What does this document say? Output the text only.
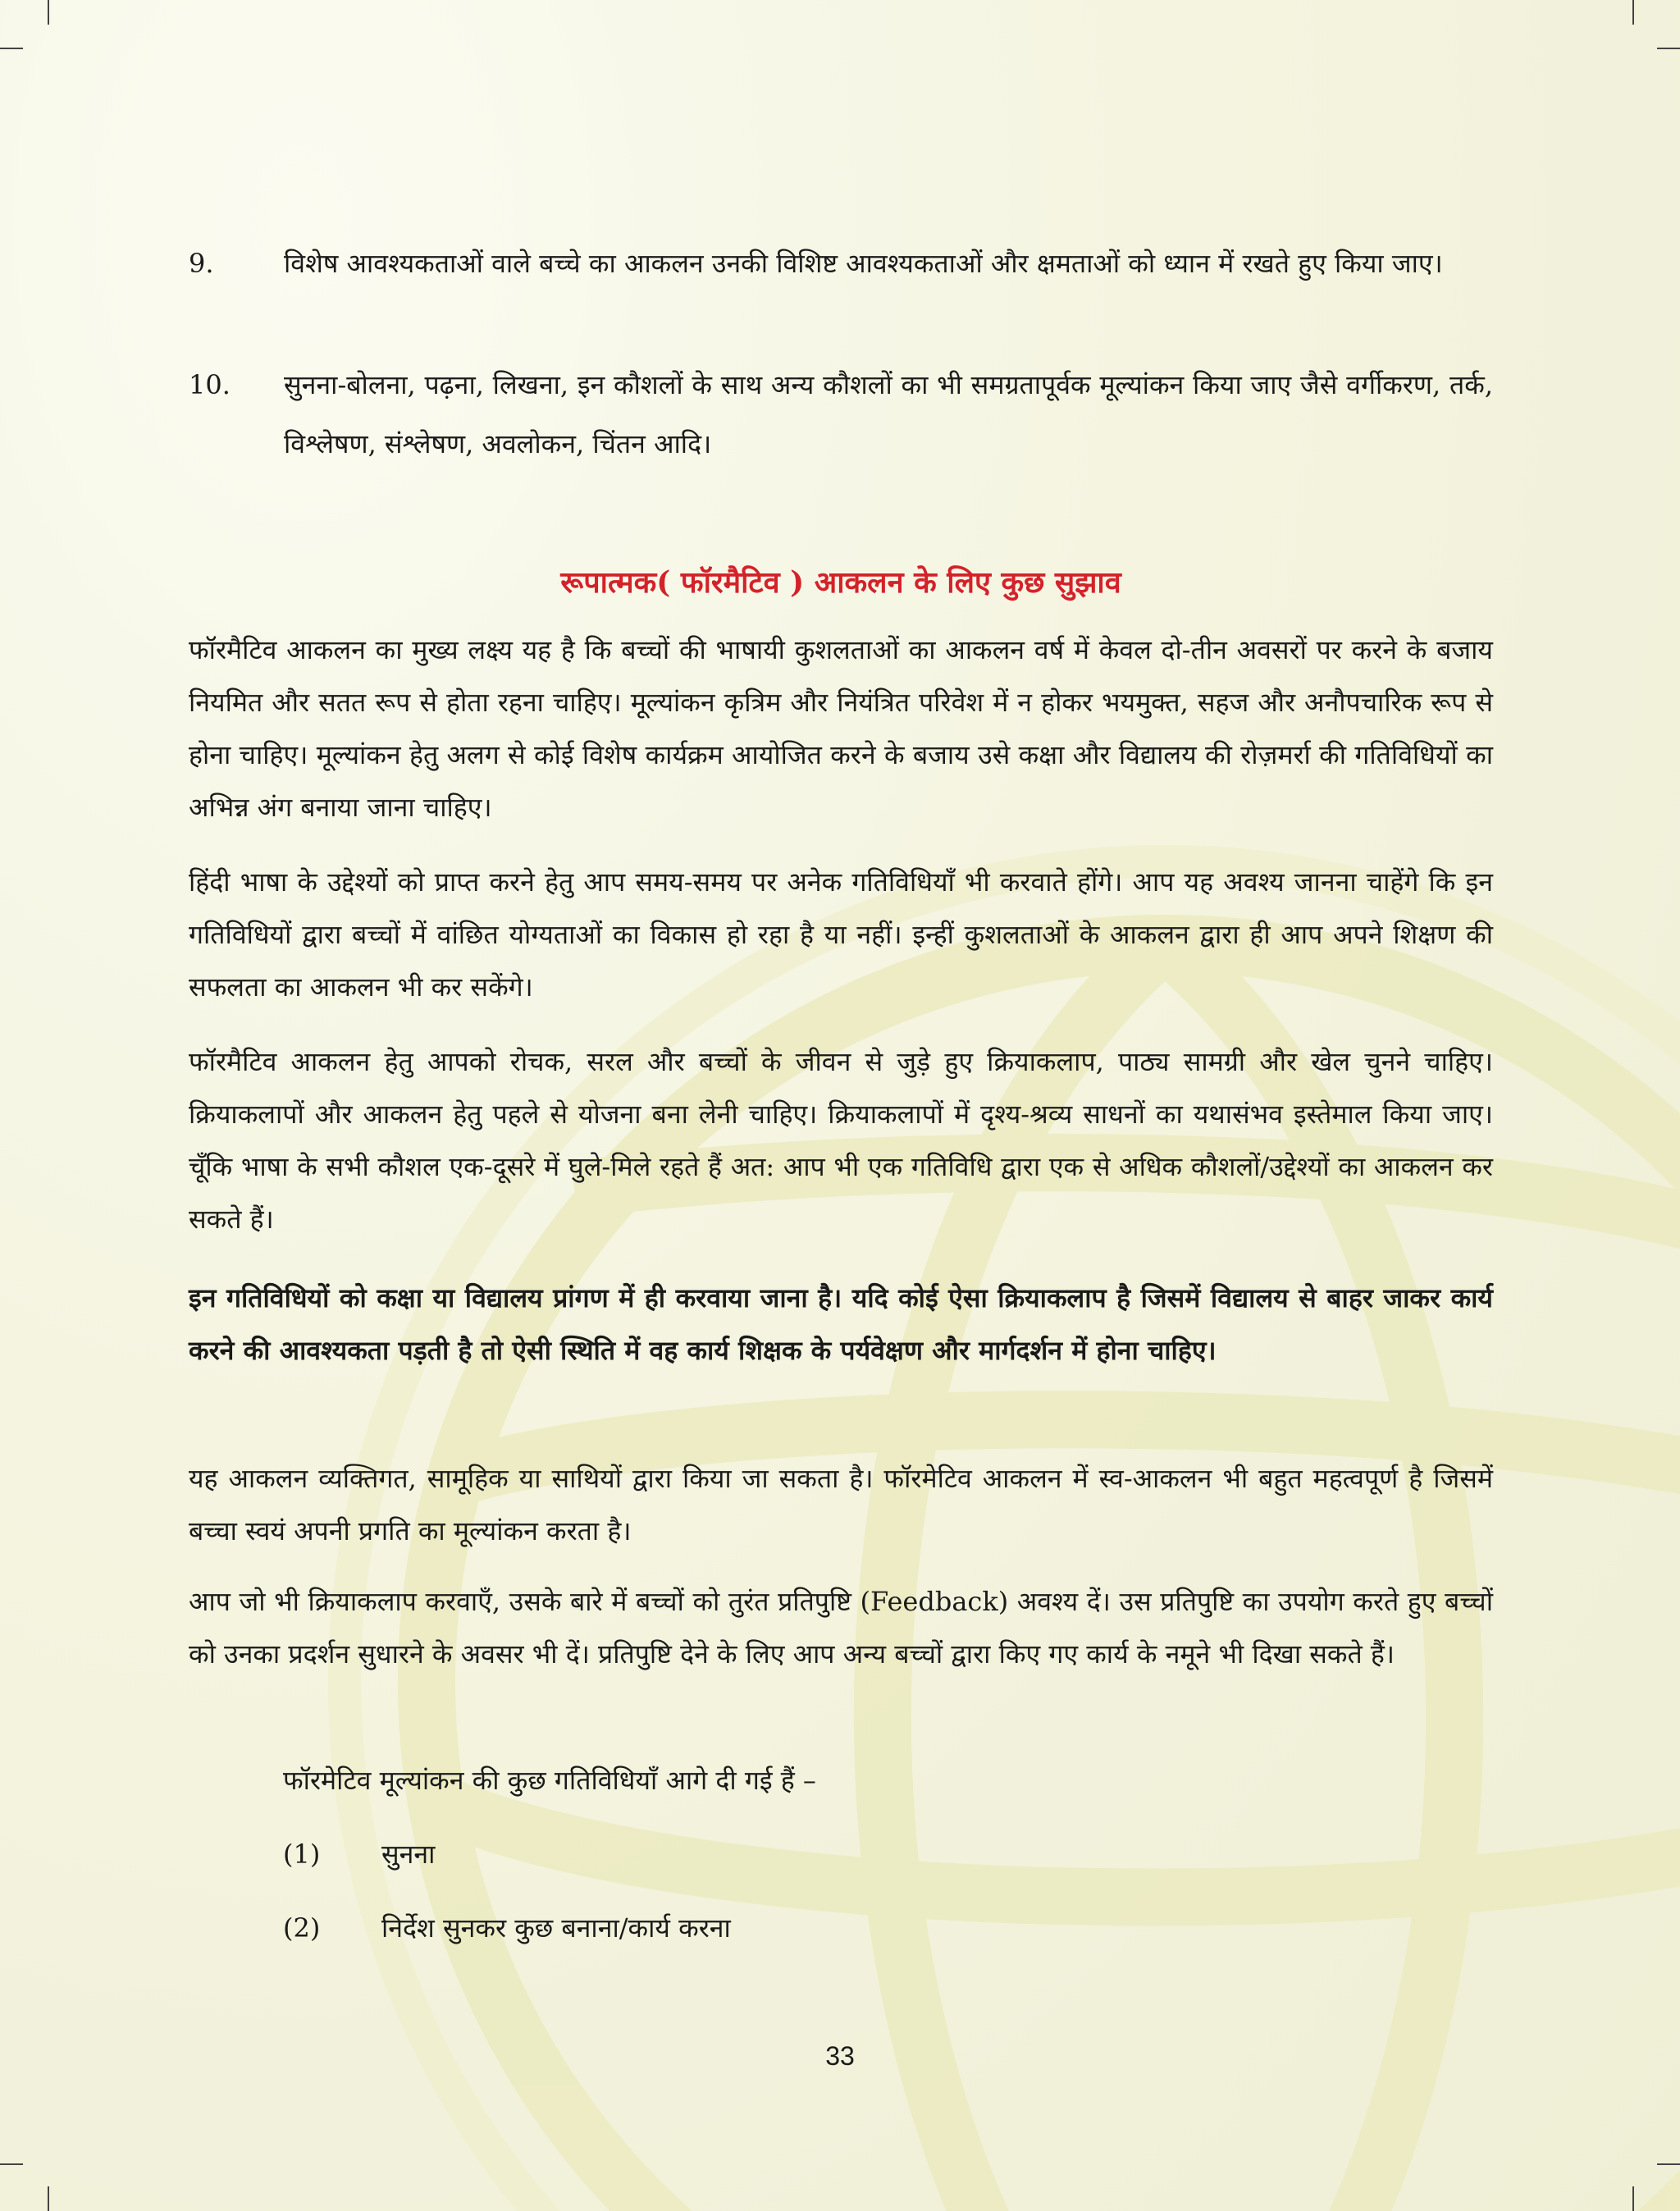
9.	विशेष आवश्यकताओं वाले बच्चे का आकलन उनकी विशिष्ट आवश्यकताओं और क्षमताओं को ध्यान में रखते हुए किया जाए।
10. सुनना-बोलना, पढ़ना, लिखना, इन कौशलों के साथ अन्य कौशलों का भी समग्रतापूर्वक मूल्यांकन किया जाए जैसे वर्गीकरण, तर्क, विश्लेषण, संश्लेषण, अवलोकन, चिंतन आदि।
रूपात्मक( फॉरमैटिव ) आकलन के लिए कुछ सुझाव

फॉरमैटिव आकलन का मुख्य लक्ष्य यह है कि बच्चों की भाषायी कुशलताओं का आकलन वर्ष में केवल दो-तीन अवसरों पर करने के बजाय नियमित और सतत रूप से होता रहना चाहिए। मूल्यांकन कृत्रिम और नियंत्रित परिवेश में न होकर भयमुक्त, सहज और अनौपचारिक रूप से होना चाहिए। मूल्यांकन हेतु अलग से कोई विशेष कार्यक्रम आयोजित करने के बजाय उसे कक्षा और विद्यालय की रोज़मर्रा की गतिविधियों का अभिन्न अंग बनाया जाना चाहिए।

हिंदी भाषा के उद्देश्यों को प्राप्त करने हेतु आप समय-समय पर अनेक गतिविधियाँ भी करवाते होंगे। आप यह अवश्य जानना चाहेंगे कि इन गतिविधियों द्वारा बच्चों में वांछित योग्यताओं का विकास हो रहा है या नहीं। इन्हीं कुशलताओं के आकलन द्वारा ही आप अपने शिक्षण की सफलता का आकलन भी कर सकेंगे।

फॉरमैटिव आकलन हेतु आपको रोचक, सरल और बच्चों के जीवन से जुड़े हुए क्रियाकलाप, पाठ्य सामग्री और खेल चुनने चाहिए। क्रियाकलापों और आकलन हेतु पहले से योजना बना लेनी चाहिए। क्रियाकलापों में दृश्य-श्रव्य साधनों का यथासंभव इस्तेमाल किया जाए। चूँकि भाषा के सभी कौशल एक-दूसरे में घुले-मिले रहते हैं अत: आप भी एक गतिविधि द्वारा एक से अधिक कौशलों/उद्देश्यों का आकलन कर सकते हैं।

इन गतिविधियों को कक्षा या विद्यालय प्रांगण में ही करवाया जाना है। यदि कोई ऐसा क्रियाकलाप है जिसमें विद्यालय से बाहर जाकर कार्य करने की आवश्यकता पड़ती है तो ऐसी स्थिति में वह कार्य शिक्षक के पर्यवेक्षण और मार्गदर्शन में होना चाहिए।

यह आकलन व्यक्तिगत, सामूहिक या साथियों द्वारा किया जा सकता है। फॉरमेटिव आकलन में स्व-आकलन भी बहुत महत्वपूर्ण है जिसमें बच्चा स्वयं अपनी प्रगति का मूल्यांकन करता है।

आप जो भी क्रियाकलाप करवाएँ, उसके बारे में बच्चों को तुरंत प्रतिपुष्टि (Feedback) अवश्य दें। उस प्रतिपुष्टि का उपयोग करते हुए बच्चों को उनका प्रदर्शन सुधारने के अवसर भी दें। प्रतिपुष्टि देने के लिए आप अन्य बच्चों द्वारा किए गए कार्य के नमूने भी दिखा सकते हैं।

फॉरमेटिव मूल्यांकन की कुछ गतिविधियाँ आगे दी गई हैं –
(1) सुनना
(2) निर्देश सुनकर कुछ बनाना/कार्य करना
33
